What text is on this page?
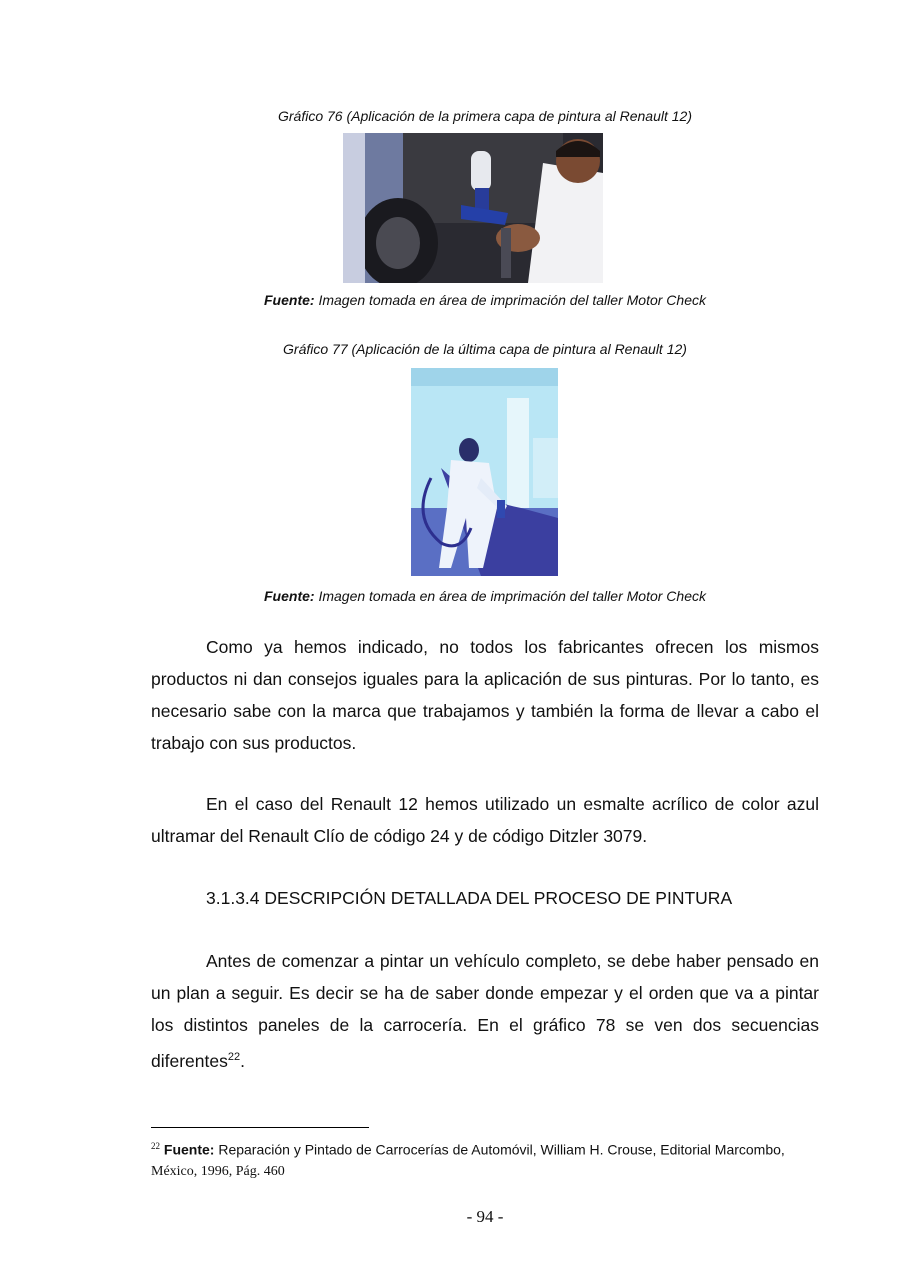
Gráfico 76 (Aplicación de la primera capa de pintura al Renault 12)
Fuente: Imagen tomada en área de imprimación del taller Motor Check
Gráfico 77 (Aplicación de la última capa de pintura al Renault 12)
Fuente: Imagen tomada en área de imprimación del taller Motor Check
Como ya hemos indicado, no todos los fabricantes ofrecen los mismos productos ni dan consejos iguales para la aplicación de sus pinturas. Por lo tanto, es necesario sabe con la marca que trabajamos y también la forma de llevar a cabo el trabajo con sus productos.
En el caso del Renault 12 hemos utilizado un esmalte acrílico de color azul ultramar del Renault Clío de código 24 y de código Ditzler 3079.
3.1.3.4 DESCRIPCIÓN DETALLADA DEL PROCESO DE PINTURA
Antes de comenzar a pintar un vehículo completo, se debe haber pensado en un plan a seguir. Es decir se ha de saber donde empezar y el orden que va a pintar los distintos paneles de la carrocería. En el gráfico 78 se ven dos secuencias diferentes$^{22}$.
$^{22}$ Fuente: Reparación y Pintado de Carrocerías de Automóvil, William H. Crouse, Editorial Marcombo, México, 1996, Pág. 460
- 94 -
